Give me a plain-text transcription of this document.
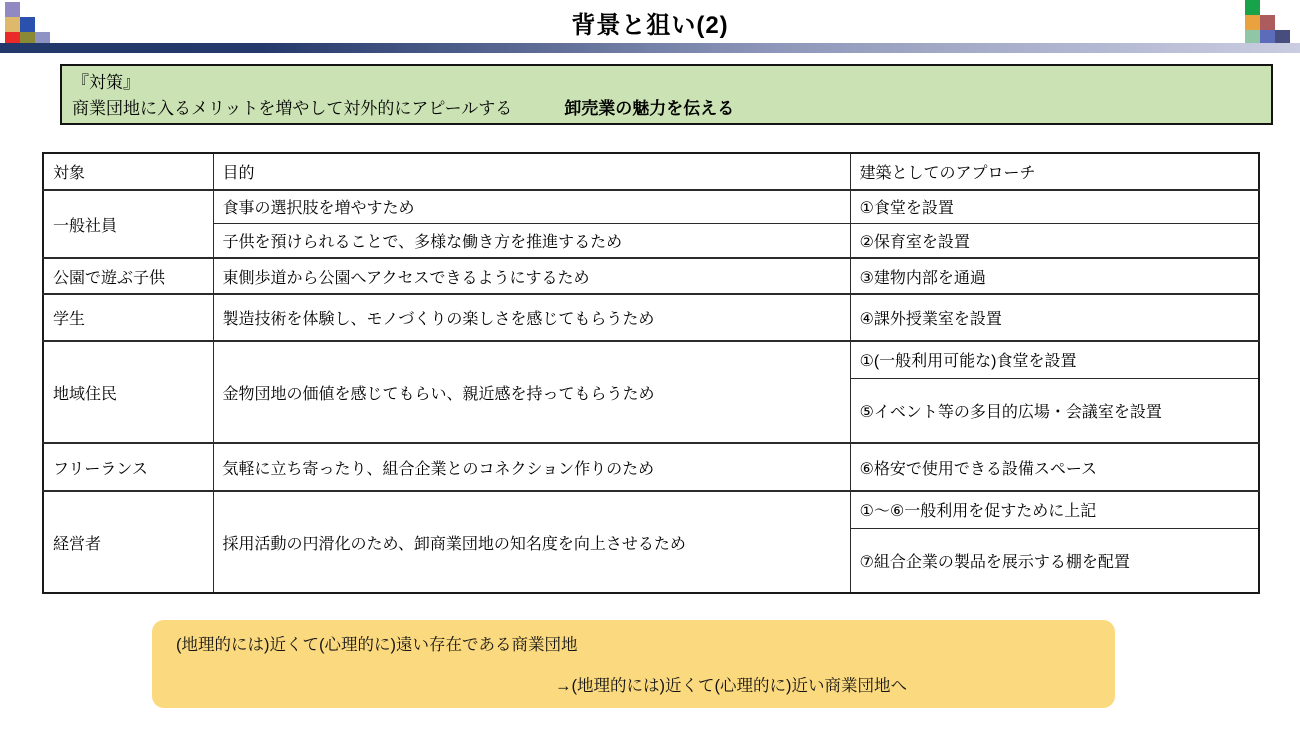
背景と狙い(2)
『対策』
商業団地に入るメリットを増やして対外的にアピールする	卸売業の魅力を伝える
対象	目的	建築としてのアプローチ
一般社員	食事の選択肢を増やすため	①食堂を設置
	子供を預けられることで、多様な働き方を推進するため	②保育室を設置
公園で遊ぶ子供	東側歩道から公園へアクセスできるようにするため	③建物内部を通過
学生	製造技術を体験し、モノづくりの楽しさを感じてもらうため	④課外授業室を設置
地域住民	金物団地の価値を感じてもらい、親近感を持ってもらうため	①(一般利用可能な)食堂を設置
		⑤イベント等の多目的広場・会議室を設置
フリーランス	気軽に立ち寄ったり、組合企業とのコネクション作りのため	⑥格安で使用できる設備スペース
経営者	採用活動の円滑化のため、卸商業団地の知名度を向上させるため	①～⑥一般利用を促すために上記
		⑦組合企業の製品を展示する棚を配置
(地理的には)近くて(心理的に)遠い存在である商業団地
→(地理的には)近くて(心理的に)近い商業団地へ
